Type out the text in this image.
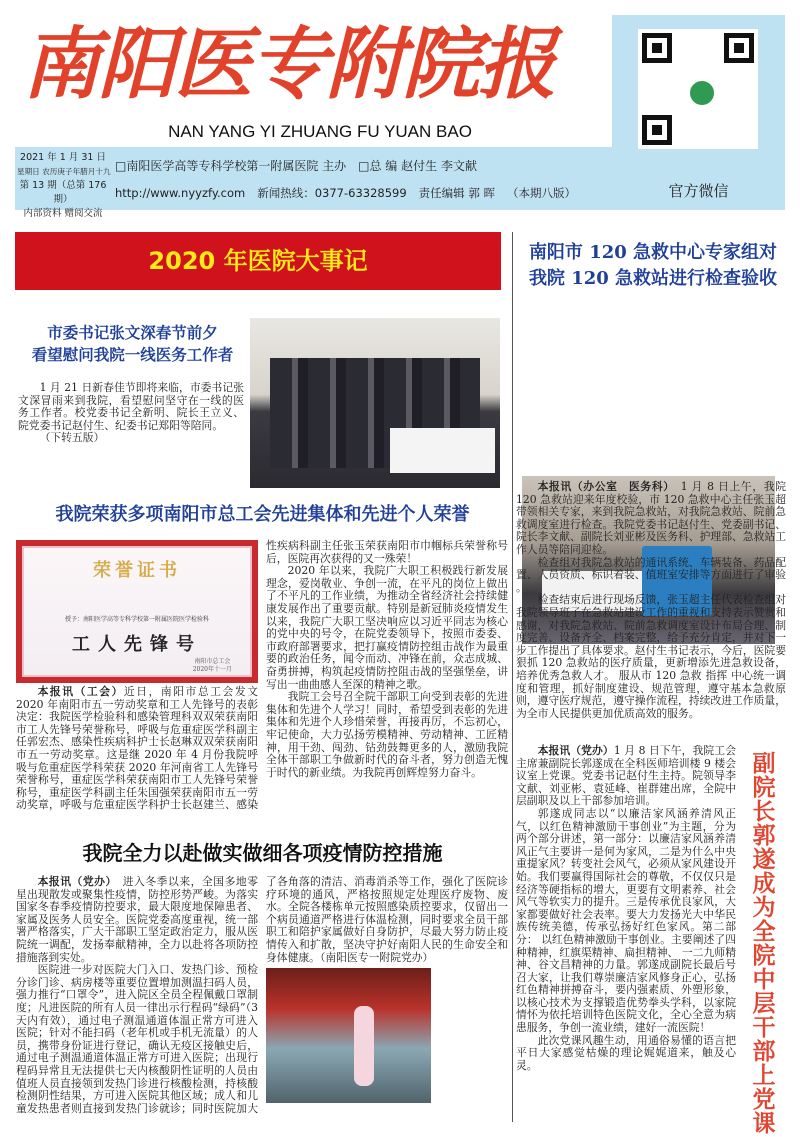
南阳医专附院报
NAN YANG YI ZHUANG FU YUAN BAO
官方微信
2021 年 1 月 31 日
星期日 农历庚子年腊月十九
第 13 期（总第 176 期）
内部资料 赠阅交流
□南阳医学高等专科学校第一附属医院 主办 □总 编 赵付生 李文献
http://www.nyyzfy.com 新闻热线：0377-63328599 责任编辑 郭 晖 （本期八版）
2020 年医院大事记
市委书记张文深春节前夕
看望慰问我院一线医务工作者

1 月 21 日新春佳节即将来临，市委书记张文深冒雨来到我院，看望慰问坚守在一线的医务工作者。校党委书记全新明、院长王立义、院党委书记赵付生、纪委书记郑阳等陪同。

（下转五版）

我院荣获多项南阳市总工会先进集体和先进个人荣誉
荣誉证书
授予：南阳医学高等专科学校第一附属医院医学检验科
工人先锋号
南阳市总工会
2020年十一月

本报讯（工会）近日，南阳市总工会发文 2020 年南阳市五一劳动奖章和工人先锋号的表彰决定：我院医学检验科和感染管理科双双荣获南阳市工人先锋号荣誉称号，呼吸与危重症医学科副主任郭宏杰、感染性疾病科护士长赵琳双双荣获南阳市五一劳动奖章。这是继 2020 年 4 月份我院呼吸与危重症医学科荣获 2020 年河南省工人先锋号荣誉称号，重症医学科荣获南阳市工人先锋号荣誉称号，重症医学科副主任朱国强荣获南阳市五一劳动奖章，呼吸与危重症医学科护士长赵建兰、感染性疾病科副主任张玉荣获南阳市巾帼标兵荣誉称号后，医院再次获得的又一殊荣！

2020 年以来，我院广大职工积极践行新发展理念，爱岗敬业、争创一流，在平凡的岗位上做出了不平凡的工作业绩，为推动全省经济社会持续健康发展作出了重要贡献。特别是新冠肺炎疫情发生以来，我院广大职工坚决响应以习近平同志为核心的党中央的号令，在院党委领导下，按照市委委、市政府部署要求，把打赢疫情防控组击战作为最重要的政治任务，闻令而动、冲锋在前，众志成城、奋勇拼搏，构筑起疫情防控阻击战的坚强堡垒，讲写出一曲曲感人至深的精神之歌。

我院工会号召全院干部职工向受到表彰的先进集体和先进个人学习！同时，希望受到表彰的先进集体和先进个人珍惜荣誉，再接再厉，不忘初心，牢记使命，大力弘扬劳模精神、劳动精神、工匠精神，用干劲、闯劲、钻劲鼓舞更多的人，激励我院全体干部职工争做新时代的奋斗者，努力创造无愧于时代的新业绩。为我院再创辉煌努力奋斗。

我院全力以赴做实做细各项疫情防控措施

本报讯（党办）　 进入冬季以来，全国多地零星出现散发或聚集性疫情，防控形势严峻。为落实国家冬春季疫情防控要求，最大限度地保障患者、家属及医务人员安全。医院党委高度重视，统一部署严格落实，广大干部职工坚定政治定力，服从医院统一调配，发扬奉献精神，全力以赴将各项防控措施落到实处。

医院进一步对医院大门入口、发热门诊、预检分诊门诊、病房楼等重要位置增加测温扫码人员，强力推行“口罩令”，进入院区全员全程佩戴口罩制度；凡进医院的所有人员一律出示行程码“绿码”（3 天内有效），通过电子测温通道体温正常方可进入医院；针对不能扫码（老年机或手机无流量）的人员，携带身份证进行登记，确认无疫区接触史后，通过电子测温通道体温正常方可进入医院；出现行程码异常且无法提供七天内核酸阴性证明的人员由值班人员直接领到发热门诊进行核酸检测，持核酸检测阴性结果，方可进入医院其他区域；成人和儿童发热患者则直接到发热门诊就诊；同时医院加大了各角落的清洁、消毒消杀等工作，强化了医院诊疗环境的通风，严格按照规定处理医疗废物、废水。全院各楼栋单元按照感染质控要求，仅留出一个病员通道严格进行体温检测，同时要求全员干部职工和陪护家属做好自身防护，尽最大努力防止疫情传入和扩散，坚决守护好南阳人民的生命安全和身体健康。（南阳医专一附院党办）

南阳市 120 急救中心专家组对
我院 120 急救站进行检查验收

本报讯（办公室　医务科）　 1 月 8 日上午，我院 120 急救站迎来年度校验，市 120 急救中心主任张玉超带领相关专家，来到我院急救站，对我院急救站、院前急救调度室进行检查。我院党委书记赵付生、党委副书记、院长李文献、副院长刘亚彬及医务科、护理部、急救站工作人员等陪同迎检。

检查组对我院急救站的通讯系统、车辆装备、药品配置、人员资质、标识着装、值班室安排等方面进行了审验 。

检查结束后进行现场反馈，张玉超主任代表检查组对我院领导班子在急救站建设工作的重视和支持表示赞赏和感谢，对我院急救站、院前急救调度室设计布局合理、制度完善、设备齐全、档案完整，给予充分肯定，并对下一步工作提出了具体要求。赵付生书记表示，今后，医院要狠抓 120 急救站的医疗质量，更新增添先进急救设备，培养优秀急救人才。 服从市 120 急救 指挥 中心统一调度和管理，抓好制度建设、规范管理，遵守基本急救原则，遵守医疗规范，遵守操作流程，持续改进工作质量，为全市人民提供更加优质高效的服务。

本报讯（党办）1 月 8 日下午，我院工会主席兼副院长郭遂成在全科医师培训楼 9 楼会议室上党课。党委书记赵付生主持。院领导李文献、刘亚彬、袁延峰、崔群建出席，全院中层副职及以上干部参加培训。

郭遂成同志以“以廉洁家风涵养清风正气，以红色精神激励干事创业”为主题，分为两个部分讲述，第一部分：以廉洁家风涵养清风正气主要讲一是何为家风，二是为什么中央重提家风？转变社会风气，必须从家风建设开始。我们要赢得国际社会的尊敬，不仅仅只是经济等硬指标的增大，更要有文明素养、社会风气等软实力的提升。三是传承优良家风，大家都要做好社会表率。要大力发扬光大中华民族传统美德，传承弘扬好红色家风。第二部分： 以红色精神激励干事创业。主要阐述了四种精神，红旗渠精神、扁担精神、 一二九师精神、谷文昌精神的力量。郭遂成副院长最后号召大家，让我们尊崇廉洁家风修身正心，弘扬红色精神拼搏奋斗，要内强素质、外塑形象，以核心技术为支撑锻造优势拳头学科，以家院情怀为依托培训特色医院文化，全心全意为病患服务，争创一流业绩，建好一流医院！

此次党课风趣生动，用通俗易懂的语言把平日大家感觉枯燥的理论娓娓道来，触及心灵。

副院长郭遂成为全院中层干部上党课
